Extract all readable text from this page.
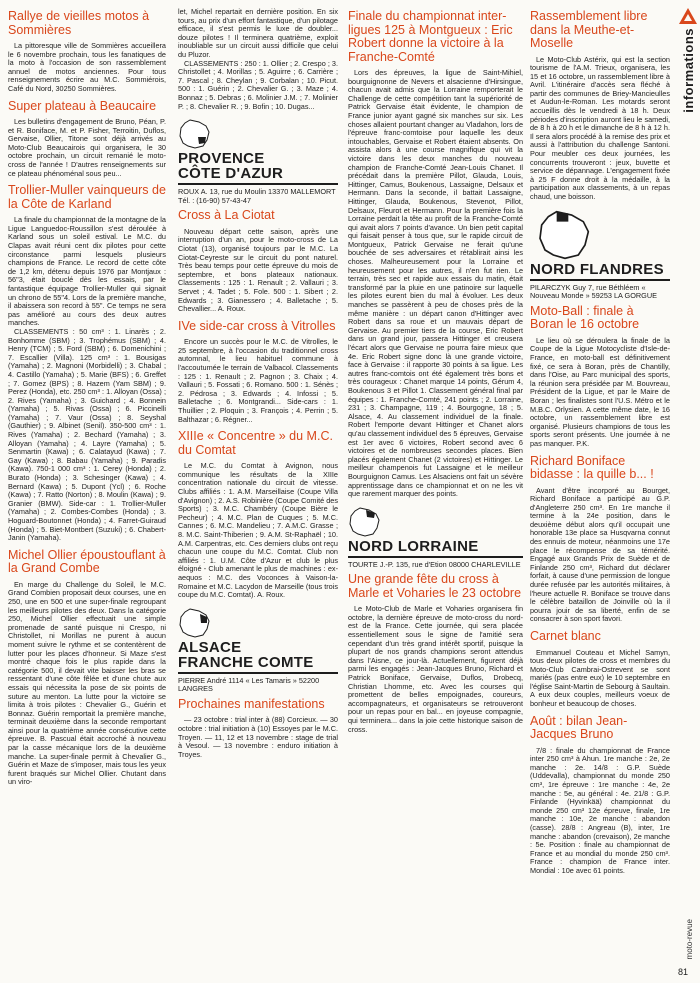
informations
moto-revue
81
Rallye de vieilles motos à Sommières

La pittoresque ville de Sommières accueillera le 6 novembre prochain, tous les fanatiques de la moto à l'occasion de son rassemblement annuel de motos anciennes. Pour tous renseignements écrire au M.C. Sommiérois, Café du Nord, 30250 Sommières.

Super plateau à Beaucaire

Les bulletins d'engagement de Bruno, Péan, P. et R. Boniface, M. et P. Fisher, Terroitin, Duflos, Gervaise, Ollier, Titone sont déjà arrivés au Moto-Club Beaucairois qui organisera, le 30 octobre prochain, un circuit remanié le moto-cross de l'année ! D'autres renseignements sur ce plateau phénoménal sous peu...

Trollier-Muller vainqueurs de la Côte de Karland

La finale du championnat de la montagne de la Ligue Languedoc-Roussillon s'est déroulée à Karland sous un soleil estival. Le M.C. du Clapas avait réuni cent dix pilotes pour cette circonstance parmi lesquels plusieurs champions de France. Le record de cette côte de 1,2 km, détenu depuis 1976 par Montjaux : 56"3, était bouclé dès les essais, par le fantastique équipage Trollier-Muller qui signait un chrono de 55"4. Lors de la première manche, il abaissera son record à 55". Ce temps ne sera pas amélioré au cours des deux autres manches.

CLASSEMENTS : 50 cm³ : 1. Linarès ; 2. Bonhomme (SBM) ; 3. Trophémus (SBM) ; 4. Henry (TCM) ; 5. Ford (SBM) ; 6. Domenichini ; 7. Escallier (Villa). 125 cm³ : 1. Bousigas (Yamaha) ; 2. Magnoni (Morbidelli) ; 3. Chabal ; 4. Castillo (Yamaha) ; 5. Marie (BFS) ; 6. Greffet ; 7. Gomez (BPS) ; 8. Hazem (Yam SBM) ; 9. Perez (Honda), etc. 250 cm³ : 1. Alloyan (Ossa) ; 2. Rives (Yamaha) ; 3. Guichard ; 4. Bonnein (Yamaha) ; 5. Rivas (Ossa) ; 6. Piccinelli (Yamaha) ; 7. Vaur (Ossa) ; 8. Seyshal (Gauthier) ; 9. Albinet (Senil). 350-500 cm³ : 1. Rives (Yamaha) ; 2. Bechard (Yamaha) ; 3. Alloyan (Yamaha) ; 4. Layre (Yamaha) ; 5. Senmartin (Kawa) ; 6. Calatayud (Kawa) ; 7. Gay (Kawa) ; 8. Babau (Yamaha) ; 9. Paradis (Kawa). 750-1 000 cm³ : 1. Cerey (Honda) ; 2. Burato (Honda) ; 3. Schesinger (Kawa) ; 4. Bernard (Kawa) ; 5. Dupont (Ycl) ; 6. Roche (Kawa) ; 7. Ratto (Norton) ; 8. Moulin (Kawa) ; 9. Granier (BMW). Side-car : 1. Trollier-Muller (Yamaha) ; 2. Combes-Combes (Honda) ; 3. Hoguard-Boutonnet (Honda) ; 4. Farret-Guiraud (Honda) ; 5. Biet-Montbert (Suzuki) ; 6. Chabert-Janin (Yamaha).

Michel Ollier époustouflant à la Grand Combe

En marge du Challenge du Soleil, le M.C. Grand Combien proposait deux courses, une en 250, une en 500 et une super-finale regroupant les meilleurs pilotes des deux. Dans la catégorie 250, Michel Ollier effectuait une simple promenade de santé puisque ni Crespo, ni Christollet, ni Morillas ne purent à aucun moment suivre le rythme et se contentèrent de lutter pour les places d'honneur. Si Maze s'est montré chaque fois le plus rapide dans la catégorie 500, il devait vite baisser les bras se ressentant d'une côte fêlée et d'une chute aux essais qui nécessita la pose de six points de suture au menton. La lutte pour la victoire se limita à trois pilotes : Chevalier G., Guérin et Bonnaz. Guérin remportait la première manche, terminait deuxième dans la seconde remportant ainsi pour la quatrième année consécutive cette épreuve. B. Pascual était accroché à nouveau par la casse mécanique lors de la deuxième manche. La super-finale permit à Chevalier G., Guérin et Maze de s'imposer, mais tous les yeux furent braqués sur Michel Ollier. Chutant dans un viro-

let, Michel repartait en dernière position. En six tours, au prix d'un effort fantastique, d'un pilotage efficace, il s'est permis le luxe de doubler... douze pilotes ! Il terminera quatrième, exploit inoubliable sur un circuit aussi difficile que celui du Pluzor.

CLASSEMENTS : 250 : 1. Ollier ; 2. Crespo ; 3. Christollet ; 4. Morillas ; 5. Aguirre ; 6. Carrière ; 7. Pascal ; 8. Cheylan ; 9. Corbalan ; 10. Picut. 500 : 1. Guérin ; 2. Chevalier G. ; 3. Maze ; 4. Bonnaz ; 5. Debras ; 6. Molinier J.M. ; 7. Molinier P. ; 8. Chevalier R. ; 9. Bofin ; 10. Dugas...

PROVENCE
CÔTE D'AZUR
ROUX A. 13, rue du Moulin 13370 MALLEMORT Tél. : (16-90) 57-43-47
Cross à La Ciotat

Nouveau départ cette saison, après une interruption d'un an, pour le moto-cross de La Ciotat (13), organisé toujours par le M.C. La Ciotat-Ceyreste sur le circuit du pont naturel. Très beau temps pour cette épreuve du mois de septembre, et bons plateaux nationaux. Classements : 125 : 1. Renault ; 2. Vallauri ; 3. Servet ; 4. Tadet ; 5. Fole. 500 : 1. Sibert ; 2. Edwards ; 3. Gianessero ; 4. Balletache ; 5. Chevallier... A. Roux.

IVe side-car cross à Vitrolles

Encore un succès pour le M.C. de Vitrolles, le 25 septembre, à l'occasion du traditionnel cross automnal, le lieu habituel commune à l'accoutumée le terrain de Valbacol. Classements : 125 : 1. Renault ; 2. Pagnon ; 3. Chaix ; 4. Vallauri ; 5. Fossati ; 6. Romano. 500 : 1. Sénès ; 2. Pédrosa ; 3. Edwards ; 4. Infossi ; 5. Balletache ; 6. Montgrandi... Side-cars : 1. Thuillier ; 2. Ploquin ; 3. François ; 4. Perrin ; 5. Balthazar ; 6. Régner...

XIIIe « Concentre » du M.C. du Comtat

Le M.C. du Comtat à Avignon, nous communique les résultats de la XIIIe concentration nationale du circuit de vitesse. Clubs affiliés : 1. A.M. Marseillaise (Coupe Villa d'Avignon) ; 2. A.S. Robinière (Coupe Comité des Sports) ; 3. M.C. Chambéry (Coupe Bière le Pecheur) ; 4. M.C. Plan de Cuques ; 5. M.C. Cannes ; 6. M.C. Mandelieu ; 7. A.M.C. Grasse ; 8. M.C. Saint-Thiberien ; 9. A.M. St-Raphaël ; 10. A.M. Carpentras, etc. Ces derniers clubs ont reçu chacun une coupe du M.C. Comtat. Club non affiliés : 1. U.M. Côte d'Azur et club le plus éloigné - Club amenant le plus de machines : ex-aequos : M.C. des Voconces à Vaison-la-Romaine et M.C. Lacydon de Marseille (tous trois coupe du M.C. Comtat). A. Roux.

ALSACE
FRANCHE COMTE
PIERRE André 1114 « Les Tamaris » 52200 LANGRES
Prochaines manifestations

— 23 octobre : trial inter à (88) Corcieux. — 30 octobre : trial initiation à (10) Essoyes par le M.C. Troyen. — 11, 12 et 13 novembre : stage de trial à Vesoul. — 13 novembre : enduro initiation à Troyes.

Finale du championnat inter-ligues 125 à Montgueux : Eric Robert donne la victoire à la Franche-Comté

Lors des épreuves, la ligue de Saint-Mihiel, bourguignonne de Nevers et alsacienne d'Hirsingue, chacun avait admis que la Lorraine remporterait le Challenge de cette compétition tant la supériorité de Patrick Gervaise était évidente, le champion de France junior ayant gagné six manches sur six. Les choses allaient pourtant changer au Vladahon, lors de l'épreuve franc-comtoise pour laquelle les deux intouchables, Gervaise et Robert étaient absents. On assista alors à une course magnifique qui vit la victoire dans les deux manches du nouveau champion de Franche-Comté Jean-Louis Chanet. Il précédait dans la première Pillot, Glauda, Louis, Hittinger, Camus, Boukenous, Lassaigne, Delsaux et Hermann. Dans la seconde, il battait Lassaigne, Hittinger, Glauda, Boukenous, Stevenot, Pillot, Delsaux, Fleurot et Hermann. Pour la première fois la Lorraine perdait la tête au profit de la Franche-Comté qui avait alors 7 points d'avance. Un bien petit capital qui faisait penser à tous que, sur le rapide circuit de Montgueux, Patrick Gervaise ne ferait qu'une bouchée de ses adversaires et rétablirait ainsi les choses. Malheureusement pour la Lorraine et heureusement pour les autres, il n'en fut rien. Le terrain, très sec et rapide aux essais du matin, était transformé par la pluie en une patinoire sur laquelle les pilotes eurent bien du mal à évoluer. Les deux manches se passèrent à peu de choses près de la même manière : un départ canon d'Hittinger avec Robert dans sa roue et un mauvais départ de Gervaise. Au premier tiers de la course, Eric Robert dans un grand jour, passera Hittinger et creusera l'écart alors que Gervaise ne pourra faire mieux que 4e. Eric Robert signe donc là une grande victoire, face à Gervaise : il rapporte 30 points à sa ligue. Les autres franc-comtois ont été également très bons et très courageux : Chanet marque 14 points, Gérum 4, Boukenous 3 et Pillot 1. Classement général final par équipes : 1. Franche-Comté, 241 points ; 2. Lorraine, 231 ; 3. Champagne, 119 ; 4. Bourgogne, 18 ; 5. Alsace, 4. Au classement individuel de la finale. Robert l'emporte devant Hittinger et Chanet alors qu'au classement individuel des 5 épreuves, Gervaise est 1er avec 6 victoires, Robert second avec 6 victoires et de nombreuses secondes places. Bien placés également Chanet (2 victoires) et Hittinger. Le meilleur champenois fut Lassaigne et le meilleur Bourguignon Camus. Les Alsaciens ont fait un sévère apprentissage dans ce championnat et on ne les vit que rarement marquer des points.

NORD LORRAINE
TOURTE J.-P. 135, rue d'Etion 08000 CHARLEVILLE
Une grande fête du cross à Marle et Voharies le 23 octobre

Le Moto-Club de Marle et Voharies organisera fin octobre, la dernière épreuve de moto-cross du nord-est de la France. Cette journée, qui sera placée essentiellement sous le signe de l'amitié sera cependant d'un très grand intérêt sportif, puisque la plupart de nos grands champions seront attendus dans l'Aisne, ce jour-là. Actuellement, figurent déjà parmi les engagés : Jean-Jacques Bruno, Richard et Patrick Boniface, Gervaise, Duflos, Drobecq, Christian Lhomme, etc. Avec les courses qui promettent de belles empoignades, coureurs, accompagnateurs, et organisateurs se retrouveront pour un repas pour en bal... en joyeuse compagnie, qui terminera... dans la joie cette historique saison de cross.

Rassemblement libre dans la Meuthe-et-Moselle

Le Moto-Club Astérix, qui est la section tourisme de l'A.M. Trieux, organisera, les 15 et 16 octobre, un rassemblement libre à Avril. L'itinéraire d'accès sera fléché à partir des communes de Briey-Mancieulles et Audun-le-Roman. Les motards seront accueillis dès le vendredi à 18 h. Deux périodes d'inscription auront lieu le samedi, de 8 h à 20 h et le dimanche de 8 h à 12 h. Il sera alors procédé à la remise des prix et aussi à l'attribution du challenge Santoni. Pour meubler ces deux journées, les concurrents trouveront : jeux, buvette et service de dépannage. L'engagement fixée à 25 F donne droit à la médaille, à la participation aux classements, à un repas chaud, une boisson.

NORD FLANDRES
PILARCZYK Guy 7, rue Béthléem « Nouveau Monde » 59253 LA GORGUE
Moto-Ball : finale à Boran le 16 octobre

Le lieu où se déroulera la finale de la Coupe de la Ligue Motocycliste d'Isle-de-France, en moto-ball est définitivement fixé, ce sera à Boran, près de Chantilly, dans l'Oise, au Parc municipal des sports, la réunion sera présidée par M. Bouvreau, Président de la Ligue, et par le Maire de Boran ; les finalistes sont l'U.S. Métro et le M.B.C. Orlysien. A cette même date, le 16 octobre, un rassemblement libre est organisé. Plusieurs champions de tous les sports seront présents. Une journée à ne pas manquer. P.K.

Richard Boniface bidasse : la quille b... !

Avant d'être incorporé au Bourget, Richard Boniface a participé au G.P. d'Angleterre 250 cm³. En 1re manche il termine à la 24e position, dans le deuxième début alors qu'il occupait une honorable 13e place sa Husqvarna connut des ennuis de moteur, néanmoins une 17e place le récompense de sa témérité. Engagé aux Grands Prix de Suède et de Finlande 250 cm³, Richard dut déclarer forfait, à cause d'une permission de longue durée refusée par les autorités militaires, à l'heure actuelle R. Boniface se trouve dans le célèbre bataillon de Joinville où la il pourra jouir de sa liberté, enfin de se consacrer à son sport favori.

Carnet blanc

Emmanuel Couteau et Michel Samyn, tous deux pilotes de cross et membres du Moto-Club Cambrai-Ostrevent se sont mariés (pas entre eux) le 10 septembre en l'église Saint-Martin de Sebourg à Saultain. A eux deux couples, meilleurs voeux de bonheur et beaucoup de choses.

Août : bilan Jean-Jacques Bruno

7/8 : finale du championnat de France inter 250 cm³ à Ahun. 1re manche : 2e, 2e manche : 2e. 14/8 : G.P. Suède (Uddevalla), championnat du monde 250 cm³, 1re épreuve : 1re manche : 4e, 2e manche : 5e, au général : 4e. 21/8 : G.P. Finlande (Hyvinkää) championnat du monde 250 cm³ 12e épreuve, finale, 1re manche : 10e, 2e manche : abandon (casse). 28/8 : Angreau (B), inter, 1re manche : abandon (crevaison), 2e manche : 5e. Position : finale au championnat de France et au mondial du monde 250 cm³. France : champion de France inter. Mondial : 10e avec 61 points.
